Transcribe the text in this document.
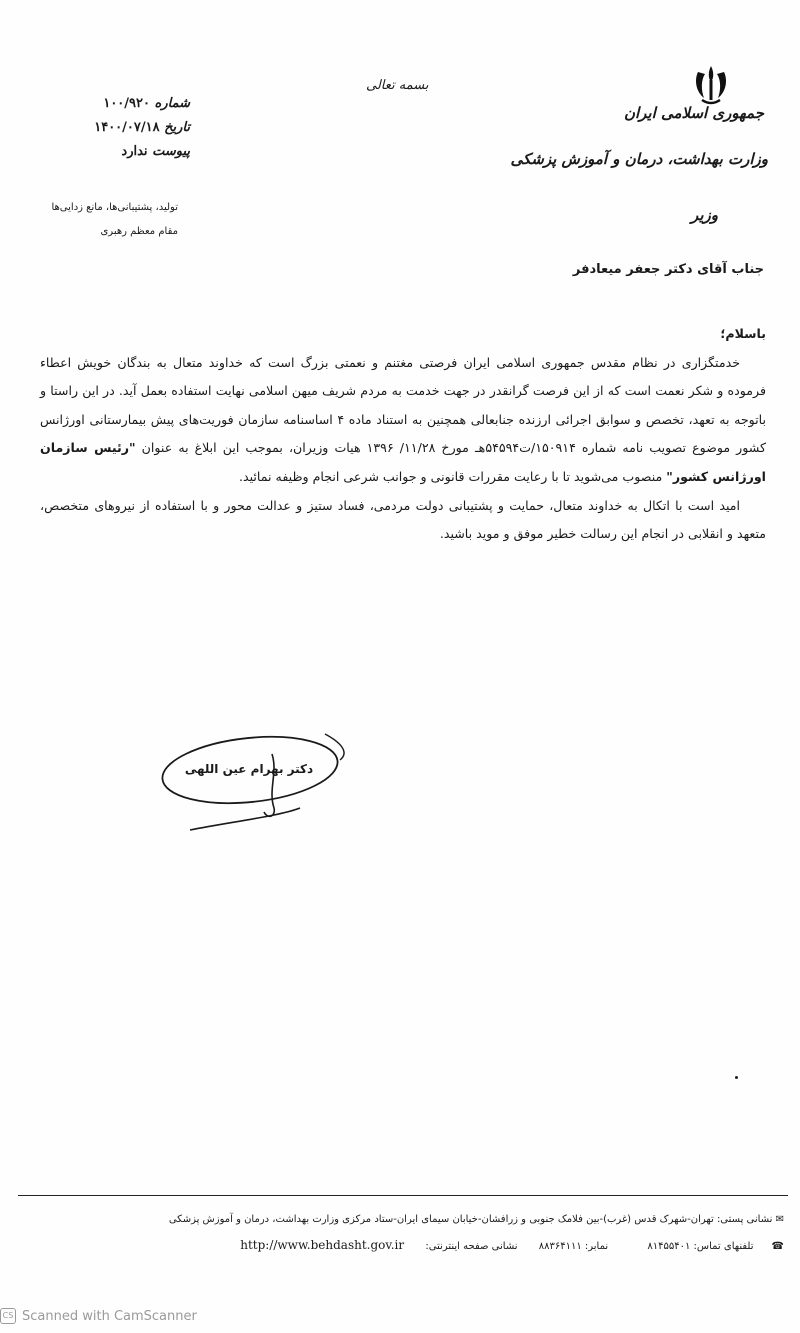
جمهوری اسلامی ایران
وزارت بهداشت، درمان و آموزش پزشکی
وزیر
بسمه تعالی
شماره ۱۰۰/۹۲۰
تاریخ ۱۴۰۰/۰۷/۱۸
پیوست ندارد
تولید، پشتیبانی‌ها، مانع زدایی‌ها
مقام معظم رهبری
جناب آقای دکتر جعفر میعادفر

باسلام؛

خدمتگزاری در نظام مقدس جمهوری اسلامی ایران فرصتی مغتنم و نعمتی بزرگ است که خداوند متعال به بندگان خویش اعطاء فرموده و شکر نعمت است که از این فرصت گرانقدر در جهت خدمت به مردم شریف میهن اسلامی نهایت استفاده بعمل آید. در این راستا و باتوجه به تعهد، تخصص و سوابق اجرائی ارزنده جنابعالی همچنین به استناد ماده ۴ اساسنامه سازمان فوریت‌های پیش بیمارستانی اورژانس کشور موضوع تصویب نامه شماره ۱۵۰۹۱۴/ت۵۴۵۹۴هـ مورخ ۱۱/۲۸/ ۱۳۹۶ هیات وزیران، بموجب این ابلاغ به عنوان "رئیس سازمان اورژانس کشور" منصوب می‌شوید تا با رعایت مقررات قانونی و جوانب شرعی انجام وظیفه نمائید.

امید است با اتکال به خداوند متعال، حمایت و پشتیبانی دولت مردمی، فساد ستیز و عدالت محور و با استفاده از نیروهای متخصص، متعهد و انقلابی در انجام این رسالت خطیر موفق و موید باشید.

دکتر بهرام عین اللهی
✉ نشانی پستی: تهران-شهرک قدس (غرب)-بین فلامک جنوبی و زرافشان-خیابان سیمای ایران-ستاد مرکزی وزارت بهداشت، درمان و آموزش پزشکی
☎تلفنهای تماس: ۸۱۴۵۵۴۰۱ نمابر: ۸۸۳۶۴۱۱۱ نشانی صفحه اینترنتی: http://www.behdasht.gov.ir
CS Scanned with CamScanner
